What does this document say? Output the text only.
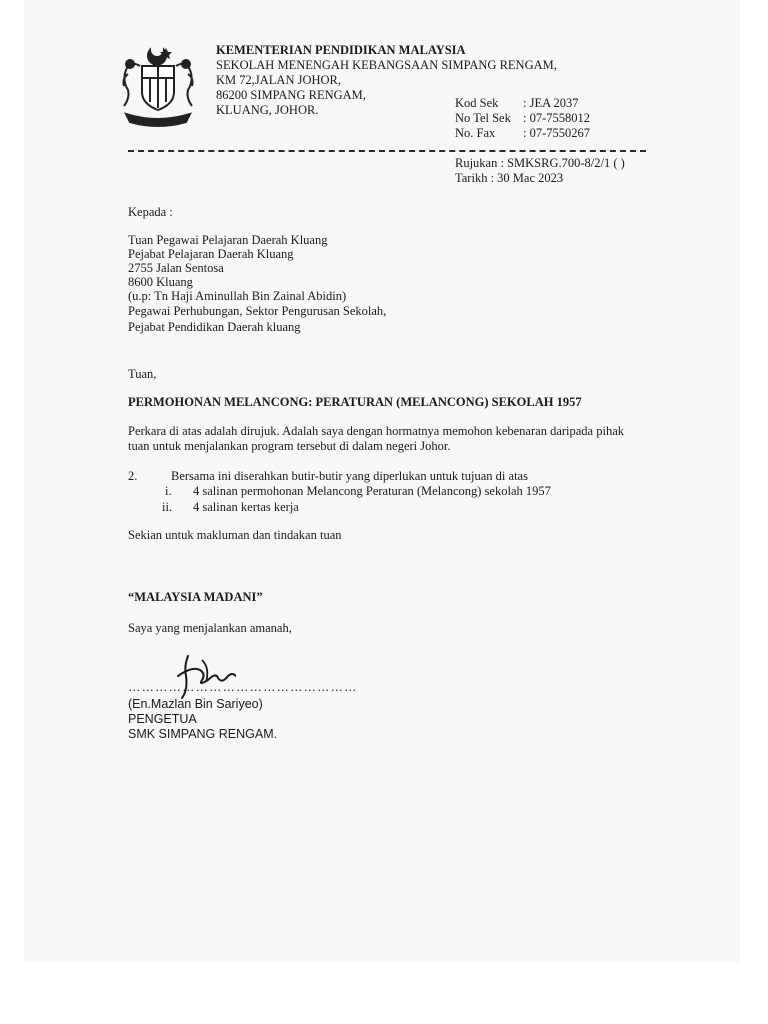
KEMENTERIAN PENDIDIKAN MALAYSIA
SEKOLAH MENENGAH KEBANGSAAN SIMPANG RENGAM,
KM 72,JALAN JOHOR,
86200 SIMPANG RENGAM,
KLUANG, JOHOR.	Kod Sek : JEA 2037
No Tel Sek : 07-7558012
No. Fax : 07-7550267
Rujukan : SMKSRG.700-8/2/1 ( )
Tarikh : 30 Mac 2023
Kepada :
Tuan Pegawai Pelajaran Daerah Kluang
Pejabat Pelajaran Daerah Kluang
2755 Jalan Sentosa
8600 Kluang
(u.p: Tn Haji Aminullah Bin Zainal Abidin)
Pegawai Perhubungan, Sektor Pengurusan Sekolah,
Pejabat Pendidikan Daerah kluang
Tuan,
PERMOHONAN MELANCONG: PERATURAN (MELANCONG) SEKOLAH 1957
Perkara di atas adalah dirujuk. Adalah saya dengan hormatnya memohon kebenaran daripada pihak
tuan untuk menjalankan program tersebut di dalam negeri Johor.
2.	Bersama ini diserahkan butir-butir yang diperlukan untuk tujuan di atas
i. 4 salinan permohonan Melancong Peraturan (Melancong) sekolah 1957
ii. 4 salinan kertas kerja
Sekian untuk makluman dan tindakan tuan
“MALAYSIA MADANI”
Saya yang menjalankan amanah,
……………………………………………
(En.Mazlan Bin Sariyeo)
PENGETUA
SMK SIMPANG RENGAM.
